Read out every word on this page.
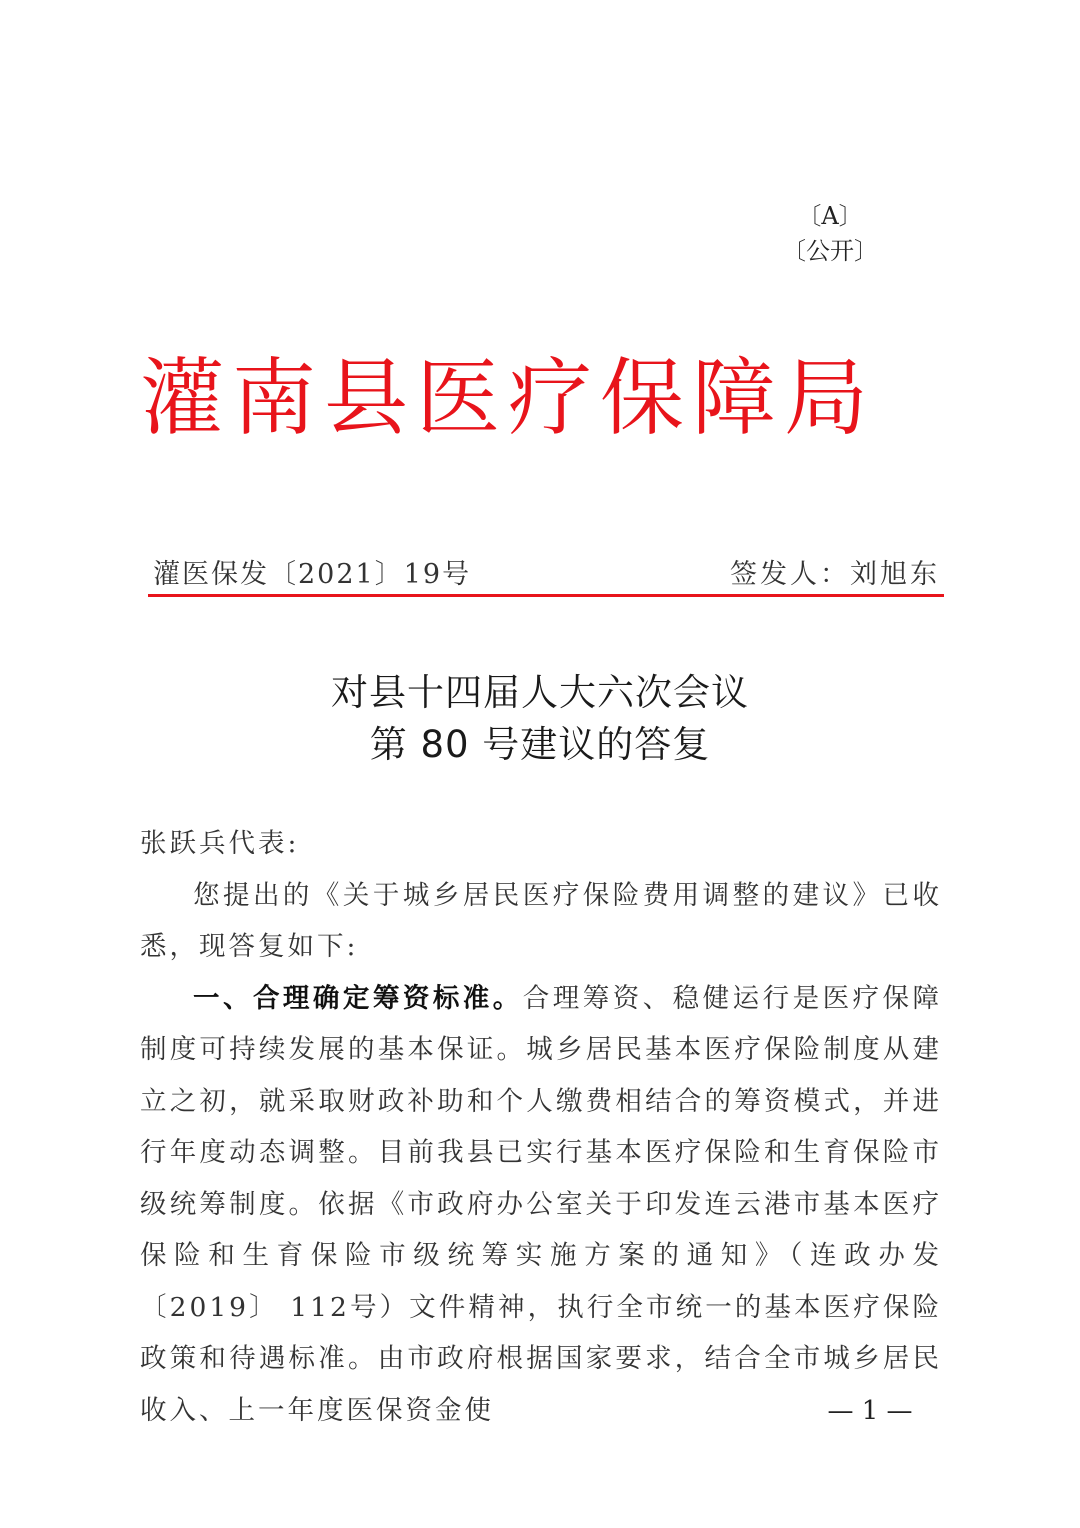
〔A〕
〔公开〕
灌南县医疗保障局
灌医保发〔2021〕19号	签发人：刘旭东
对县十四届人大六次会议
第 80 号建议的答复

张跃兵代表:

您提出的《关于城乡居民医疗保险费用调整的建议》已收悉，现答复如下:

一、合理确定筹资标准。合理筹资、稳健运行是医疗保障制度可持续发展的基本保证。城乡居民基本医疗保险制度从建立之初，就采取财政补助和个人缴费相结合的筹资模式，并进行年度动态调整。目前我县已实行基本医疗保险和生育保险市级统筹制度。依据《市政府办公室关于印发连云港市基本医疗保险和生育保险市级统筹实施方案的通知》（连政办发〔2019〕 112号）文件精神，执行全市统一的基本医疗保险政策和待遇标准。由市政府根据国家要求，结合全市城乡居民收入、上一年度医保资金使	— 1 —
